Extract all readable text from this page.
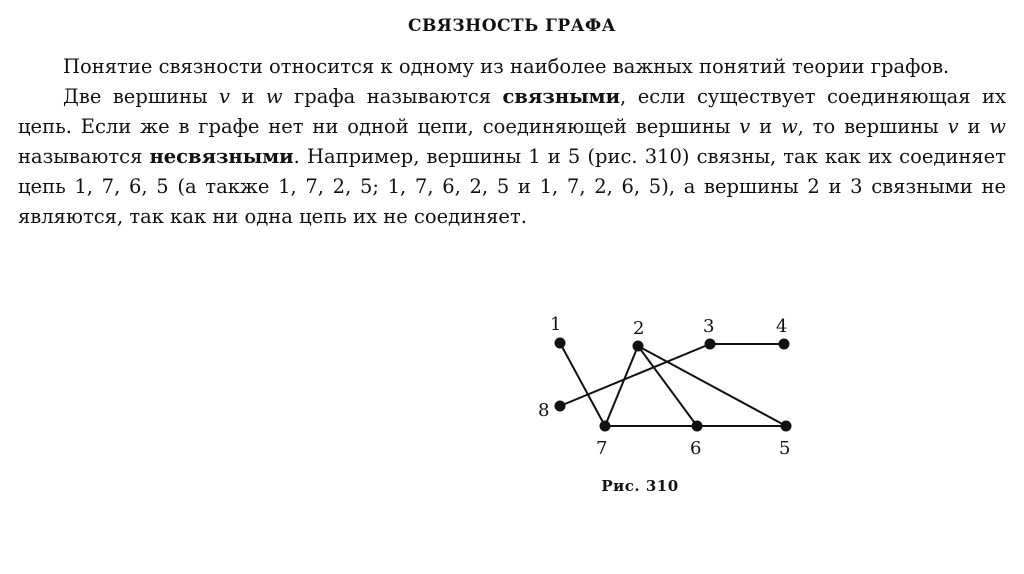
СВЯЗНОСТЬ ГРАФА

Понятие связности относится к одному из наиболее важных понятий теории графов.

Две вершины v и w графа называются связными, если существует соединяющая их цепь. Если же в графе нет ни одной цепи, соединяющей вершины v и w, то вершины v и w называются несвязными. Например, вершины 1 и 5 (рис. 310) связны, так как их соединяет цепь 1, 7, 6, 5 (а также 1, 7, 2, 5; 1, 7, 6, 2, 5 и 1, 7, 2, 6, 5), а вершины 2 и 3 связными не являются, так как ни одна цепь их не соединяет.

1	2	3	4
5
6
7
8
Рис. 310
